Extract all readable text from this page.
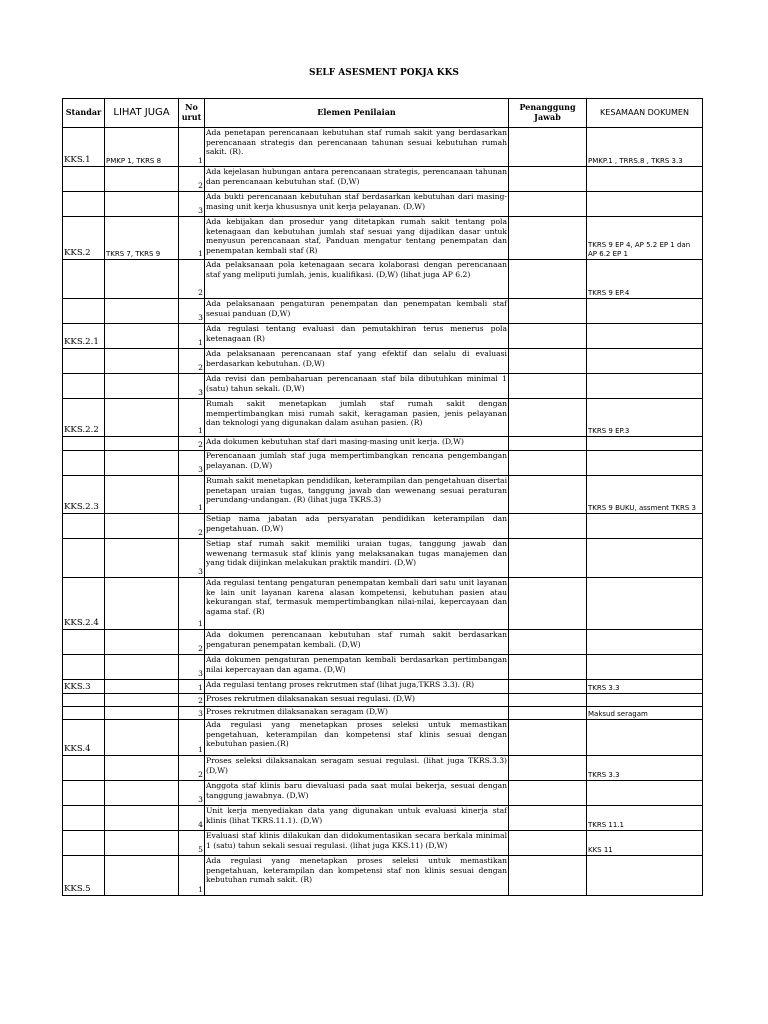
SELF ASESMENT POKJA KKS
Standar	LIHAT JUGA	No urut	Elemen Penilaian	Penanggung Jawab	KESAMAAN DOKUMEN
KKS.1	PMKP 1, TKRS 8	1	Ada penetapan perencanaan kebutuhan staf rumah sakit yang berdasarkan perencanaan strategis dan perencanaan tahunan sesuai kebutuhan rumah sakit. (R).		PMKP.1 , TRRS.8 , TKRS 3.3
		2	Ada kejelasan hubungan antara perencanaan strategis, perencanaan tahunan dan perencanaan kebutuhan staf. (D,W)		
		3	Ada bukti perencanaan kebutuhan staf berdasarkan kebutuhan dari masing-masing unit kerja khususnya unit kerja pelayanan. (D,W)		
KKS.2	TKRS 7, TKRS 9	1	Ada kebijakan dan prosedur yang ditetapkan rumah sakit tentang pola ketenagaan dan kebutuhan jumlah staf sesuai yang dijadikan dasar untuk menyusun perencanaan staf, Panduan mengatur tentang penempatan dan penempatan kembali staf (R)		TKRS 9 EP 4, AP 5.2 EP 1 dan AP 6.2 EP 1
		2	Ada pelaksanaan pola ketenagaan secara kolaborasi dengan perencanaan staf yang meliputi jumlah, jenis, kualifikasi. (D,W) (lihat juga AP 6.2)		TKRS 9 EP.4
		3	Ada pelaksanaan pengaturan penempatan dan penempatan kembali staf sesuai panduan (D,W)		
KKS.2.1		1	Ada regulasi tentang evaluasi dan pemutakhiran terus menerus pola ketenagaan (R)		
		2	Ada pelaksanaan perencanaan staf yang efektif dan selalu di evaluasi berdasarkan kebutuhan. (D,W)		
		3	Ada revisi dan pembaharuan perencanaan staf bila dibutuhkan minimal 1 (satu) tahun sekali. (D,W)		
KKS.2.2		1	Rumah sakit menetapkan jumlah staf rumah sakit dengan mempertimbangkan misi rumah sakit, keragaman pasien, jenis pelayanan dan teknologi yang digunakan dalam asuhan pasien. (R)		TKRS 9 EP.3
		2	Ada dokumen kebutuhan staf dari masing-masing unit kerja. (D,W)		
		3	Perencanaan jumlah staf juga mempertimbangkan rencana pengembangan pelayanan. (D,W)		
KKS.2.3		1	Rumah sakit menetapkan pendidikan, keterampilan dan pengetahuan disertai penetapan uraian tugas, tanggung jawab dan wewenang sesuai peraturan perundang-undangan. (R) (lihat juga TKRS.3)		TKRS 9 BUKU, assment TKRS 3
		2	Setiap nama jabatan ada persyaratan pendidikan keterampilan dan pengetahuan. (D,W)		
		3	Setiap staf rumah sakit memiliki uraian tugas, tanggung jawab dan wewenang termasuk staf klinis yang melaksanakan tugas manajemen dan yang tidak diijinkan melakukan praktik mandiri. (D,W)		
KKS.2.4		1	Ada regulasi tentang pengaturan penempatan kembali dari satu unit layanan ke lain unit layanan karena alasan kompetensi, kebutuhan pasien atau kekurangan staf, termasuk mempertimbangkan nilai-nilai, kepercayaan dan agama staf. (R)		
		2	Ada dokumen perencanaan kebutuhan staf rumah sakit berdasarkan pengaturan penempatan kembali. (D,W)		
		3	Ada dokumen pengaturan penempatan kembali berdasarkan pertimbangan nilai kepercayaan dan agama. (D,W)		
KKS.3		1	Ada regulasi tentang proses rekrutmen staf (lihat juga,TKRS 3.3). (R)		TKRS 3.3
		2	Proses rekrutmen dilaksanakan sesuai regulasi. (D,W)		
		3	Proses rekrutmen dilaksanakan seragam (D,W)		Maksud seragam
KKS.4		1	Ada regulasi yang menetapkan proses seleksi untuk memastikan pengetahuan, keterampilan dan kompetensi staf klinis sesuai dengan kebutuhan pasien.(R)		
		2	Proses seleksi dilaksanakan seragam sesuai regulasi. (lihat juga TKRS.3.3) (D,W)		TKRS 3.3
		3	Anggota staf klinis baru dievaluasi pada saat mulai bekerja, sesuai dengan tanggung jawabnya. (D,W)		
		4	Unit kerja menyediakan data yang digunakan untuk evaluasi kinerja staf klinis (lihat TKRS.11.1). (D,W)		TKRS 11.1
		5	Evaluasi staf klinis dilakukan dan didokumentasikan secara berkala minimal 1 (satu) tahun sekali sesuai regulasi. (lihat juga KKS.11) (D,W)		KKS 11
KKS.5		1	Ada regulasi yang menetapkan proses seleksi untuk memastikan pengetahuan, keterampilan dan kompetensi staf non klinis sesuai dengan kebutuhan rumah sakit. (R)		
